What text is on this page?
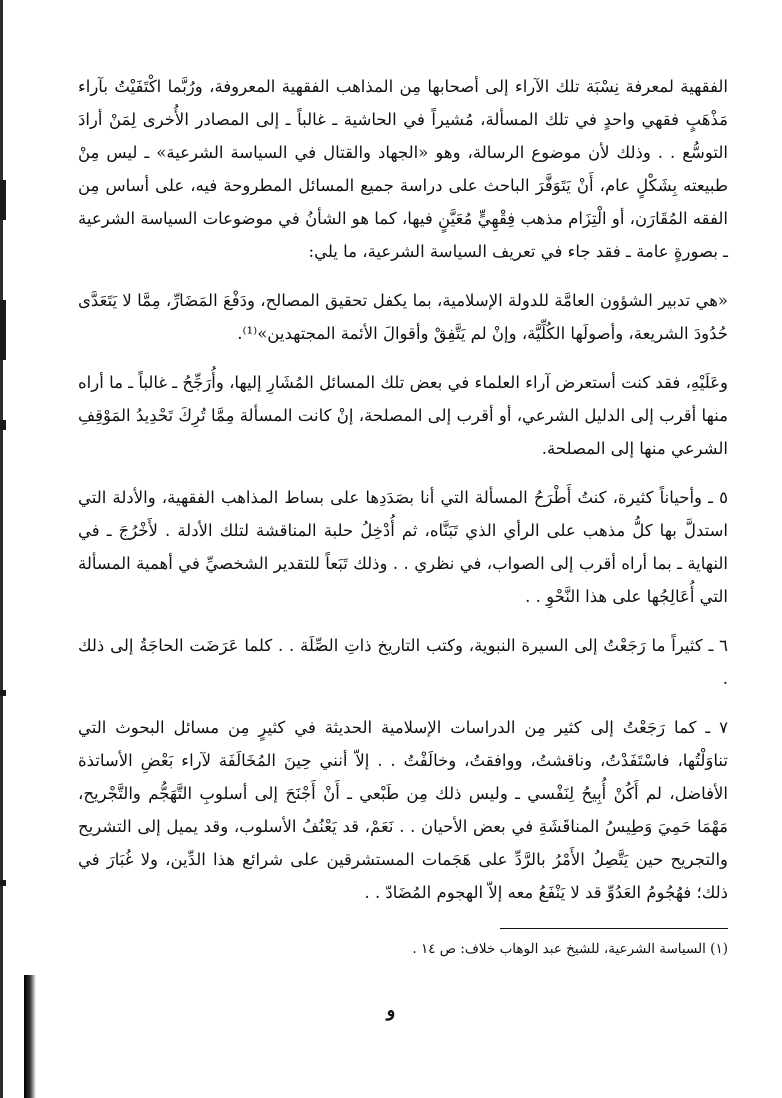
الفقهية لمعرفة نِسْبَة تلك الآراء إلى أصحابها مِن المذاهب الفقهية المعروفة، ورُبَّما اكْتَفَيْتُ بآراء مَذْهَبٍ فقهي واحدٍ في تلك المسألة، مُشيراً في الحاشية ـ غالباً ـ إلى المصادر الأُخرى لِمَنْ أرادَ التوسُّع . . وذلك لأن موضوع الرسالة، وهو «الجهاد والقتال في السياسة الشرعية» ـ ليس مِنْ طبيعته بِشَكْلٍ عام، أَنْ يَتَوَفَّرَ الباحث على دراسة جميع المسائل المطروحة فيه، على أساس مِن الفقه المُقَارَن، أو الْتِزَام مذهب فِقْهِيٍّ مُعَيَّنٍ فيها، كما هو الشأنُ في موضوعات السياسة الشرعية ـ بصورةٍ عامة ـ فقد جاء في تعريف السياسة الشرعية، ما يلي:

«هي تدبير الشؤون العامَّة للدولة الإسلامية، بما يكفل تحقيق المصالح، ودَفْعَ المَضَارِّ، مِمَّا لا يَتَعَدَّى حُدُودَ الشريعة، وأصولَها الكُلِّيَّة، وإنْ لم يَتَّفِقْ وأقوالَ الأئمة المجتهدين»⁽¹⁾.

وعَلَيْهِ، فقد كنت أستعرض آراء العلماء في بعض تلك المسائل المُشَارِ إليها، وأُرَجِّحُ ـ غالباً ـ ما أراه منها أقرب إلى الدليل الشرعي، أو أقرب إلى المصلحة، إنْ كانت المسألة مِمَّا تُرِكَ تَحْدِيدُ المَوْقِفِ الشرعي منها إلى المصلحة.

٥ ـ وأحياناً كثيرة، كنتُ أَطْرَحُ المسألة التي أنا بصَدَدِها على بساط المذاهب الفقهية، والأدلة التي استدلَّ بها كلُّ مذهب على الرأي الذي تَبَنَّاه، ثم أُدْخِلُ حلبة المناقشة لتلك الأدلة . لأَخْرُجَ ـ في النهاية ـ بما أراه أقرب إلى الصواب، في نظري . . وذلك تَبَعاً للتقدير الشخصيِّ في أهمية المسألة التي أُعَالِجُها على هذا النَّحْوِ . .

٦ ـ كثيراً ما رَجَعْتُ إلى السيرة النبوية، وكتب التاريخ ذاتِ الصِّلَة . . كلما عَرَضَت الحاجَةُ إلى ذلك .

٧ ـ كما رَجَعْتُ إلى كثير مِن الدراسات الإسلامية الحديثة في كثيرٍ مِن مسائل البحوث التي تناوَلْتُها، فاسْتَفَدْتُ، وناقشتُ، ووافقتُ، وخالَفْتُ . . إلاّ أنني حِينَ المُخَالَفَة لآراء بَعْضِ الأساتذة الأفاضل، لم أَكُنْ أُبِيحُ لِنَفْسي ـ وليس ذلك مِن طَبْعي ـ أَنْ أَجْنَحَ إلى أسلوبِ التَّهَجُّم والتَّجْريح، مَهْمَا حَمِيَ وَطِيسُ المناقَشَةِ في بعض الأحيان . . نَعَمْ، قد يَعْنُفُ الأسلوب، وقد يميل إلى التشريح والتجريح حين يَتَّصِلُ الأَمْرُ بالرَّدِّ على هَجَمات المستشرقين على شرائع هذا الدِّين، ولا غُبَارَ في ذلك؛ فهُجُومُ العَدُوِّ قد لا يَنْفَعُ معه إلاّ الهجوم المُضَادّ . .

(١) السياسة الشرعية، للشيخ عبد الوهاب خلاف: ص ١٤ .
و
